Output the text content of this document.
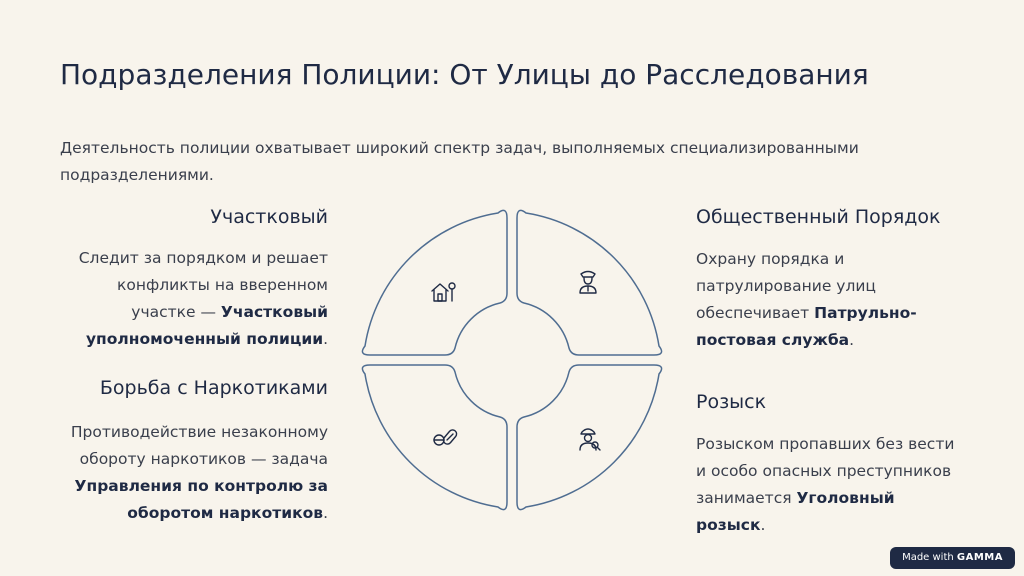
Подразделения Полиции: От Улицы до Расследования

Деятельность полиции охватывает широкий спектр задач, выполняемых специализированными подразделениями.

Участковый

Следит за порядком и решает конфликты на вверенном участке — Участковый уполномоченный полиции.

Борьба с Наркотиками

Противодействие незаконному обороту наркотиков — задача Управления по контролю за оборотом наркотиков.

Общественный Порядок

Охрану порядка и патрулирование улиц обеспечивает Патрульно-постовая служба.

Розыск

Розыском пропавших без вести и особо опасных преступников занимается Уголовный розыск.

Made with GAMMA
